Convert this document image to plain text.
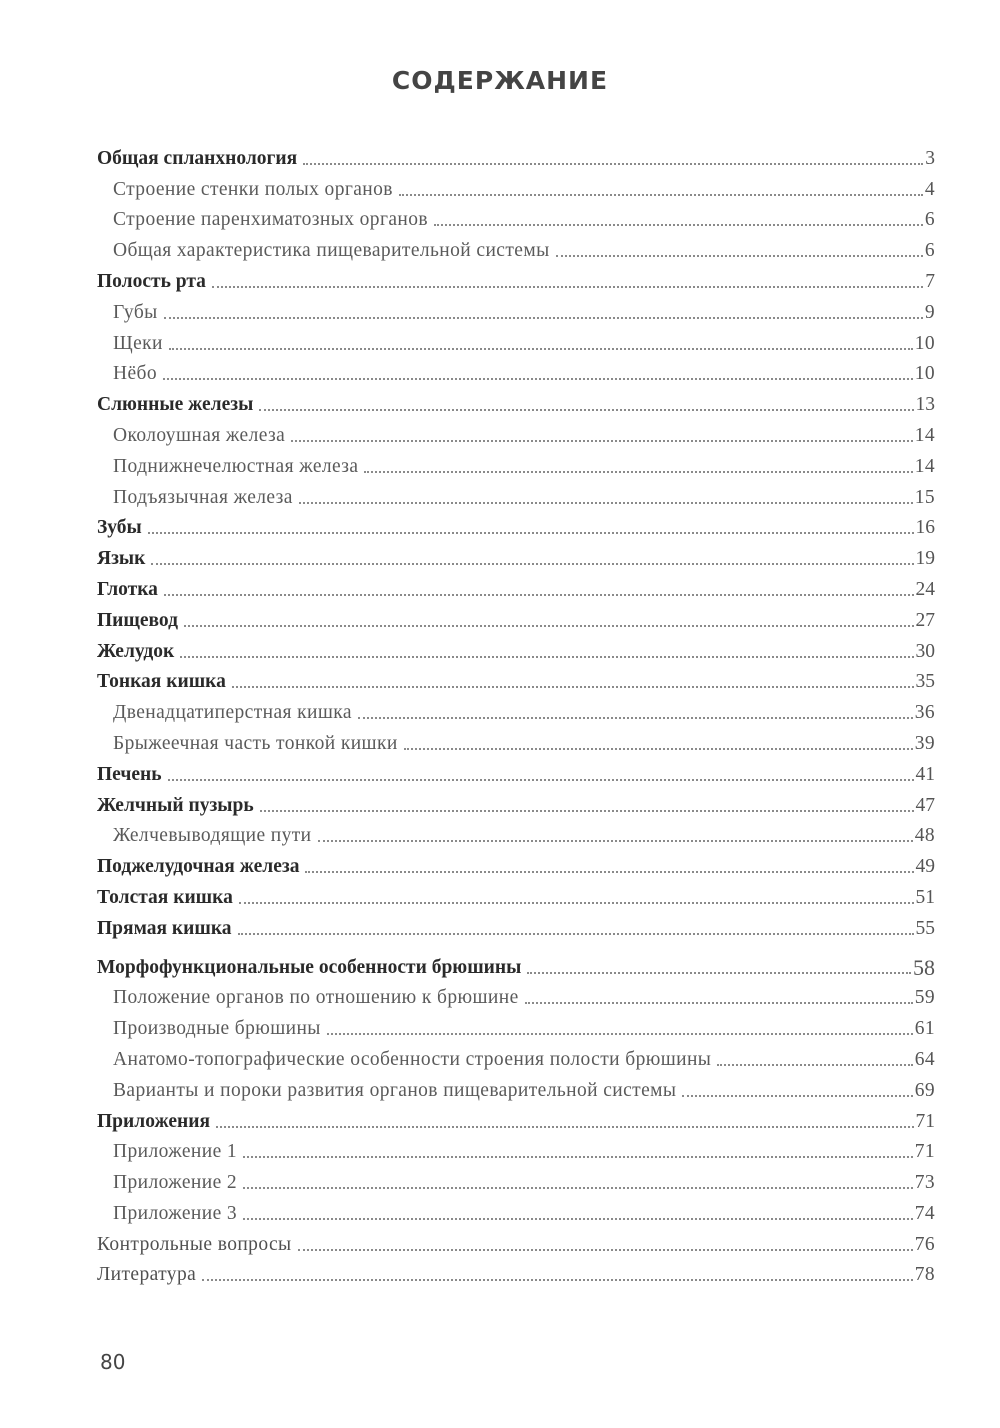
СОДЕРЖАНИЕ
Общая спланхнология	3
Строение стенки полых органов	4
Строение паренхиматозных органов	6
Общая характеристика пищеварительной системы	6
Полость рта	7
Губы	9
Щеки	10
Нёбо	10
Слюнные железы	13
Околоушная железа	14
Поднижнечелюстная железа	14
Подъязычная железа	15
Зубы	16
Язык	19
Глотка	24
Пищевод	27
Желудок	30
Тонкая кишка	35
Двенадцатиперстная кишка	36
Брыжеечная часть тонкой кишки	39
Печень	41
Желчный пузырь	47
Желчевыводящие пути	48
Поджелудочная железа	49
Толстая кишка	51
Прямая кишка	55
Морфофункциональные особенности брюшины	58
Положение органов по отношению к брюшине	59
Производные брюшины	61
Анатомо-топографические особенности строения полости брюшины	64
Варианты и пороки развития органов пищеварительной системы	69
Приложения	71
Приложение 1	71
Приложение 2	73
Приложение 3	74
Контрольные вопросы	76
Литература	78
80
